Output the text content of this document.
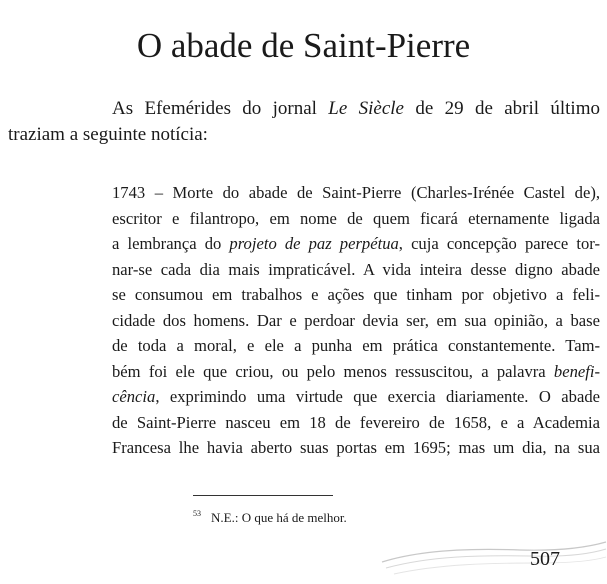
O abade de Saint-Pierre
As Efemérides do jornal Le Siècle de 29 de abril último
traziam a seguinte notícia:
1743 – Morte do abade de Saint-Pierre (Charles-Irénée Castel de),
escritor e filantropo, em nome de quem ficará eternamente ligada
a lembrança do projeto de paz perpétua, cuja concepção parece tor-
nar-se cada dia mais impraticável. A vida inteira desse digno abade
se consumou em trabalhos e ações que tinham por objetivo a feli-
cidade dos homens. Dar e perdoar devia ser, em sua opinião, a base
de toda a moral, e ele a punha em prática constantemente. Tam-
bém foi ele que criou, ou pelo menos ressuscitou, a palavra benefi-
cência, exprimindo uma virtude que exercia diariamente. O abade
de Saint-Pierre nasceu em 18 de fevereiro de 1658, e a Academia
Francesa lhe havia aberto suas portas em 1695; mas um dia, na sua
$^{53}$ N.E.: O que há de melhor.
507
